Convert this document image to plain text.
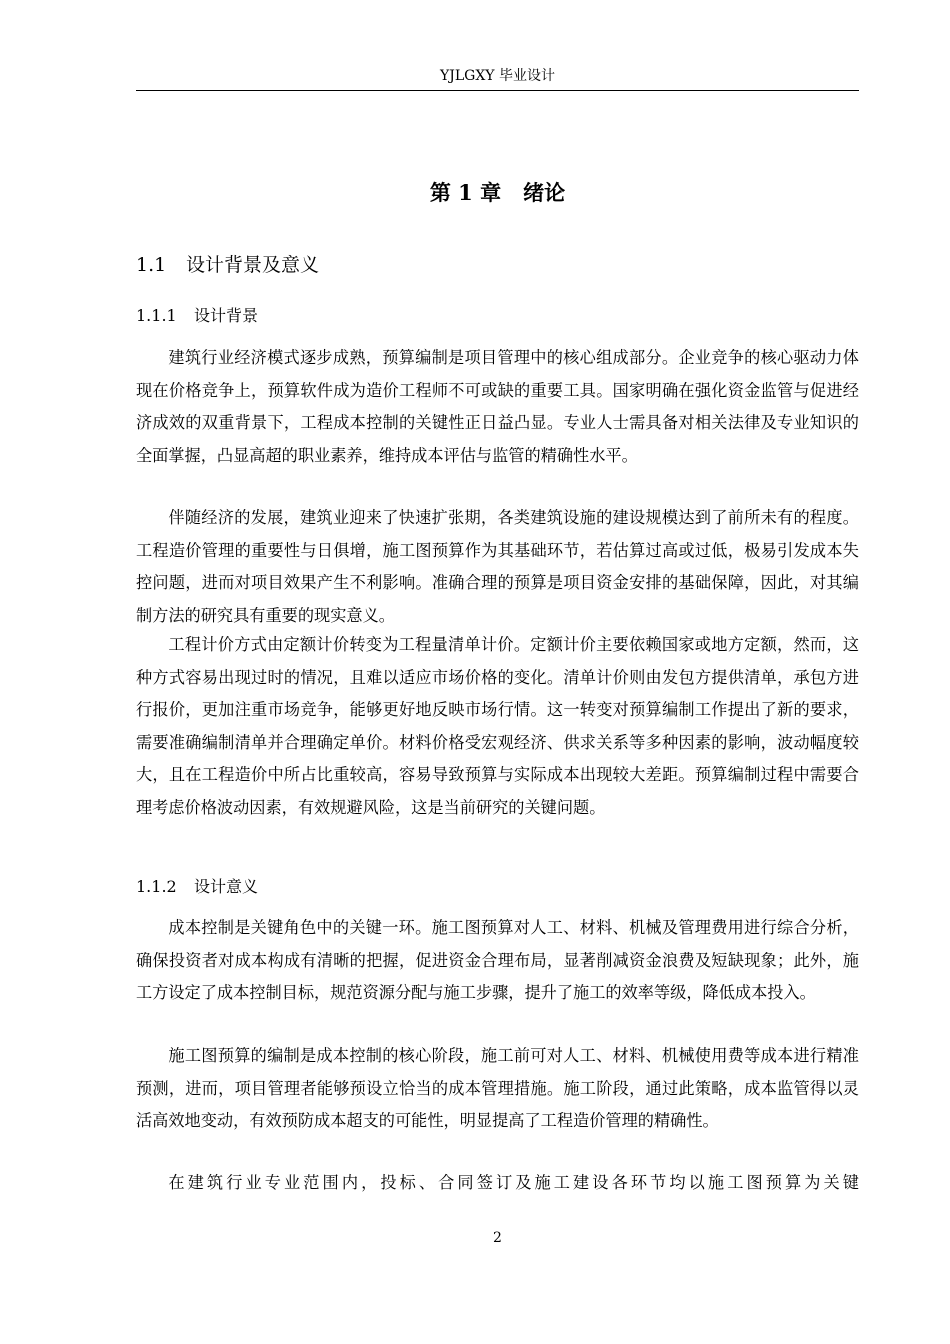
YJLGXY 毕业设计
第 1 章 绪论
1.1 设计背景及意义
1.1.1 设计背景

建筑行业经济模式逐步成熟，预算编制是项目管理中的核心组成部分。企业竞争的核心驱动力体现在价格竞争上，预算软件成为造价工程师不可或缺的重要工具。国家明确在强化资金监管与促进经济成效的双重背景下，工程成本控制的关键性正日益凸显。专业人士需具备对相关法律及专业知识的全面掌握，凸显高超的职业素养，维持成本评估与监管的精确性水平。

伴随经济的发展，建筑业迎来了快速扩张期，各类建筑设施的建设规模达到了前所未有的程度。工程造价管理的重要性与日俱增，施工图预算作为其基础环节，若估算过高或过低，极易引发成本失控问题，进而对项目效果产生不利影响。准确合理的预算是项目资金安排的基础保障，因此，对其编制方法的研究具有重要的现实意义。

工程计价方式由定额计价转变为工程量清单计价。定额计价主要依赖国家或地方定额，然而，这种方式容易出现过时的情况，且难以适应市场价格的变化。清单计价则由发包方提供清单，承包方进行报价，更加注重市场竞争，能够更好地反映市场行情。这一转变对预算编制工作提出了新的要求，需要准确编制清单并合理确定单价。材料价格受宏观经济、供求关系等多种因素的影响，波动幅度较大，且在工程造价中所占比重较高，容易导致预算与实际成本出现较大差距。预算编制过程中需要合理考虑价格波动因素，有效规避风险，这是当前研究的关键问题。

1.1.2 设计意义

成本控制是关键角色中的关键一环。施工图预算对人工、材料、机械及管理费用进行综合分析，确保投资者对成本构成有清晰的把握，促进资金合理布局，显著削减资金浪费及短缺现象；此外，施工方设定了成本控制目标，规范资源分配与施工步骤，提升了施工的效率等级，降低成本投入。

施工图预算的编制是成本控制的核心阶段，施工前可对人工、材料、机械使用费等成本进行精准预测，进而，项目管理者能够预设立恰当的成本管理措施。施工阶段，通过此策略，成本监管得以灵活高效地变动，有效预防成本超支的可能性，明显提高了工程造价管理的精确性。

在建筑行业专业范围内，投标、合同签订及施工建设各环节均以施工图预算为关键

2
